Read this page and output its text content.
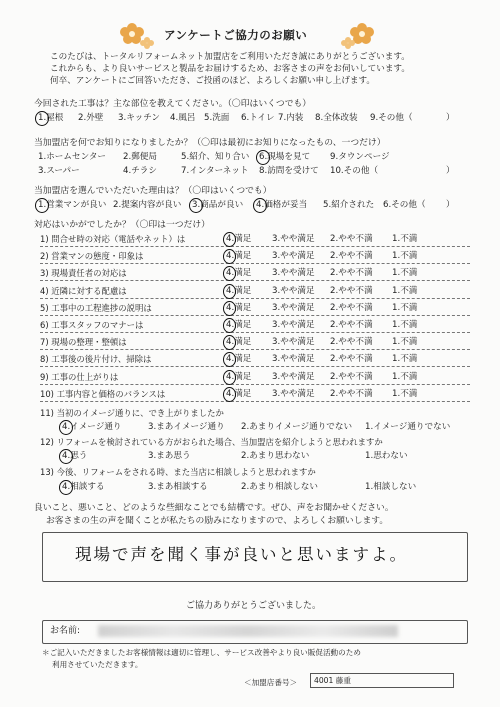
アンケートご協力のお願い
このたびは、トータルリフォームネット加盟店をご利用いただき誠にありがとうございます。
これからも、より良いサービスと製品をお届けするため、お客さまの声をお伺いしています。
何卒、アンケートにご回答いただき、ご投函のほど、よろしくお願い申し上げます。
今回された工事は？主な部位を教えてください。（〇印はいくつでも）
1.屋根 2.外壁 3.キッチン 4.風呂 5.洗面 6.トイレ 7.内装 8.全体改装 9.その他（	）
当加盟店を何でお知りになりましたか？（〇印は最初にお知りになったもの、一つだけ）
1.ホームセンター 2.郵便局	5.紹介、知り合い 6.現場を見て 9.タウンページ
3.スーパー	4.チラシ	7.インターネット 8.訪問を受けて 10.その他（	）
当加盟店を選んでいただいた理由は？（〇印はいくつでも）
1.営業マンが良い 2.提案内容が良い 3.商品が良い 4.価格が妥当 5.紹介された 6.その他（ ）
対応はいかがでしたか？（〇印は一つだけ）
11) 当初のイメージ通りに、でき上がりましたか
4.イメージ通り	3.まあイメージ通り 2.あまりイメージ通りでない 1.イメージ通りでない
12) リフォームを検討されている方がおられた場合、当加盟店を紹介しようと思われますか
4.思う	3.まあ思う	2.あまり思わない	1.思わない
13) 今後、リフォームをされる時、また当店に相談しようと思われますか
4.相談する	3.まあ相談する	2.あまり相談しない	1.相談しない
良いこと、悪いこと、どのような些細なことでも結構です。ぜひ、声をお聞かせください。
お客さまの生の声を聞くことが私たちの励みになりますので、よろしくお願いします。
現場で声を聞く事が良いと思いますよ。
ご協力ありがとうございました。
お名前:
＊ご記入いただきましたお客様情報は適切に管理し、サービス改善やより良い販促活動のため
利用させていただきます。
＜加盟店番号＞ 4001 藤重
1) 問合せ時の対応（電話やネット）は	4.満足 3.やや満足 2.やや不満 1.不満
2) 営業マンの態度・印象は	4.満足 3.やや満足 2.やや不満 1.不満
3) 現場責任者の対応は	4.満足 3.やや満足 2.やや不満 1.不満
4) 近隣に対する配慮は	4.満足 3.やや満足 2.やや不満 1.不満
5) 工事中の工程進捗の説明は	4.満足 3.やや満足 2.やや不満 1.不満
6) 工事スタッフのマナーは	4.満足 3.やや満足 2.やや不満 1.不満
7) 現場の整理・整頓は	4.満足 3.やや満足 2.やや不満 1.不満
8) 工事後の後片付け、掃除は	4.満足 3.やや満足 2.やや不満 1.不満
9) 工事の仕上がりは	4.満足 3.やや満足 2.やや不満 1.不満
10) 工事内容と価格のバランスは	4.満足 3.やや満足 2.やや不満 1.不満
